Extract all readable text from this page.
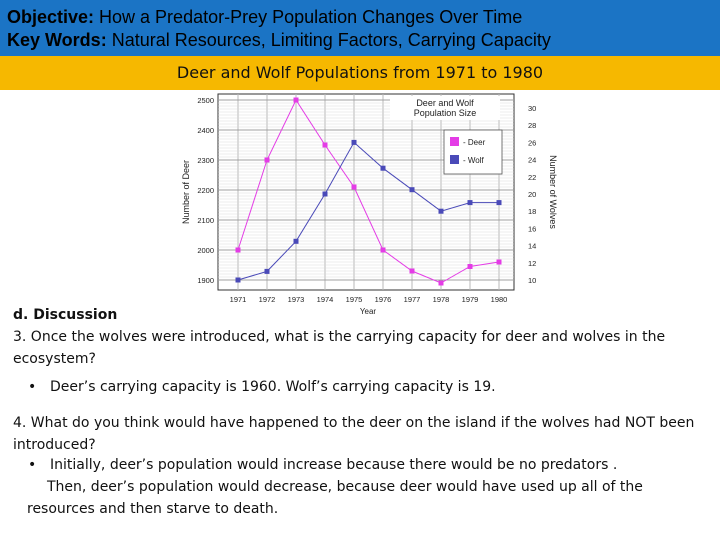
Objective: How a Predator-Prey Population Changes Over Time
Key Words: Natural Resources, Limiting Factors, Carrying Capacity
Deer and Wolf Populations from 1971 to 1980
1900
2000
2100
2200
2300
2400
2500
10
12
14
16
18
20
22
24
26
28
30
1971 1972 1973 1974 1975 1976 1977 1978 1979 1980
Number of Deer	Number of Wolves
Year
Deer and Wolf
Population Size
- Deer
- Wolf
d. Discussion
3. Once the wolves were introduced, what is the carrying capacity for deer and wolves in the ecosystem?
• Deer’s carrying capacity is 1960. Wolf’s carrying capacity is 19.
4. What do you think would have happened to the deer on the island if the wolves had NOT been introduced?
• Initially, deer’s population would increase because there would be no predators .
Then, deer’s population would decrease, because deer would have used up all of the
resources and then starve to death.
